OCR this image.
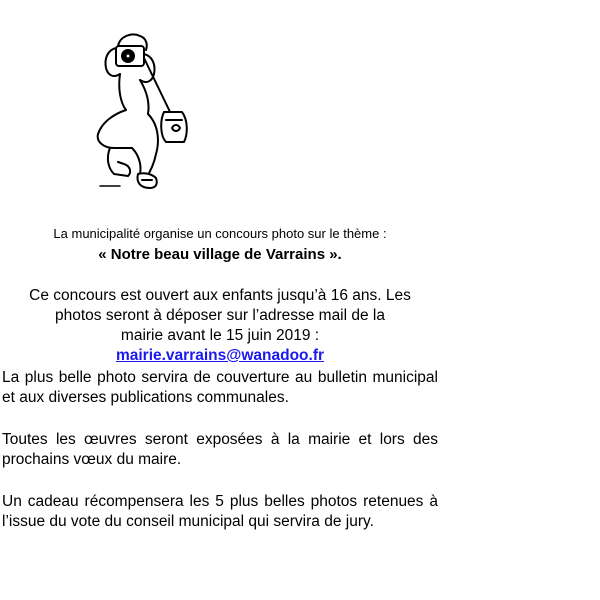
La municipalité organise un concours photo sur le thème :
« Notre beau village de Varrains ».
Ce concours est ouvert aux enfants jusqu’à 16 ans. Les
photos seront à déposer sur l’adresse mail de la
mairie avant le 15 juin 2019 :
mairie.varrains@wanadoo.fr
La plus belle photo servira de couverture au bulletin municipal et aux diverses publications communales.
Toutes les œuvres seront exposées à la mairie et lors des prochains vœux du maire.
Un cadeau récompensera les 5 plus belles photos retenues à l’issue du vote du conseil municipal qui servira de jury.
